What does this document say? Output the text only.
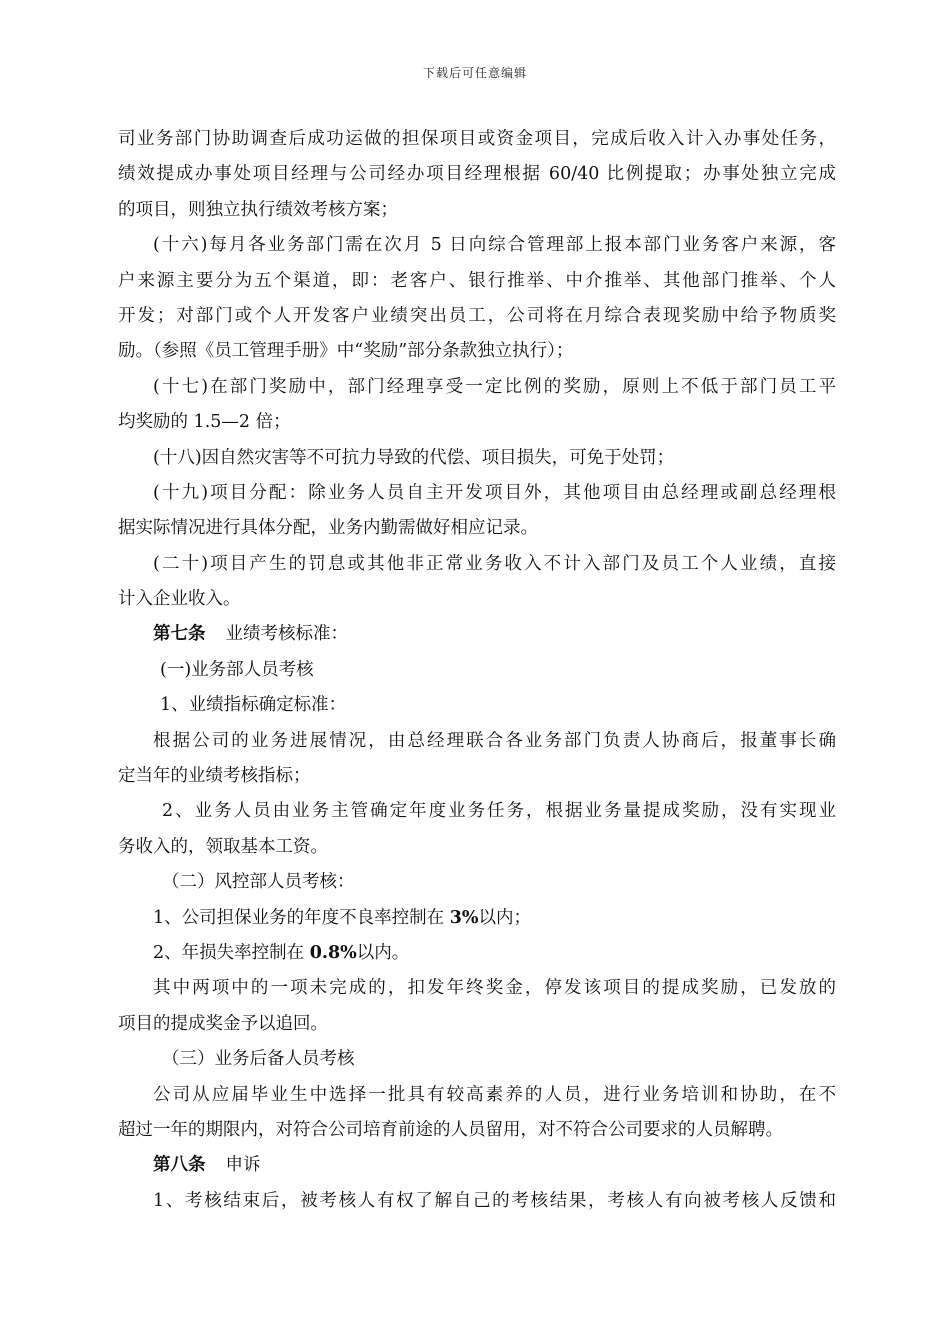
下载后可任意编辑
司业务部门协助调查后成功运做的担保项目或资金项目，完成后收入计入办事处任务，
绩效提成办事处项目经理与公司经办项目经理根据 60/40 比例提取；办事处独立完成
的项目，则独立执行绩效考核方案；
(十六)每月各业务部门需在次月 5 日向综合管理部上报本部门业务客户来源，客
户来源主要分为五个渠道，即：老客户、银行推举、中介推举、其他部门推举、个人
开发；对部门或个人开发客户业绩突出员工，公司将在月综合表现奖励中给予物质奖
励。（参照《员工管理手册》中“奖励”部分条款独立执行）；
(十七)在部门奖励中，部门经理享受一定比例的奖励，原则上不低于部门员工平
均奖励的 1.5—2 倍；
(十八)因自然灾害等不可抗力导致的代偿、项目损失，可免于处罚；
(十九)项目分配：除业务人员自主开发项目外，其他项目由总经理或副总经理根
据实际情况进行具体分配，业务内勤需做好相应记录。
(二十)项目产生的罚息或其他非正常业务收入不计入部门及员工个人业绩，直接
计入企业收入。
第七条 业绩考核标准：
(一)业务部人员考核
1、业绩指标确定标准：
根据公司的业务进展情况，由总经理联合各业务部门负责人协商后，报董事长确
定当年的业绩考核指标；
2、业务人员由业务主管确定年度业务任务，根据业务量提成奖励，没有实现业
务收入的，领取基本工资。
（二）风控部人员考核：
1、公司担保业务的年度不良率控制在 3%以内；
2、年损失率控制在 0.8%以内。
其中两项中的一项未完成的，扣发年终奖金，停发该项目的提成奖励，已发放的
项目的提成奖金予以追回。
（三）业务后备人员考核
公司从应届毕业生中选择一批具有较高素养的人员，进行业务培训和协助，在不
超过一年的期限内，对符合公司培育前途的人员留用，对不符合公司要求的人员解聘。
第八条 申诉
1、考核结束后，被考核人有权了解自己的考核结果，考核人有向被考核人反馈和
